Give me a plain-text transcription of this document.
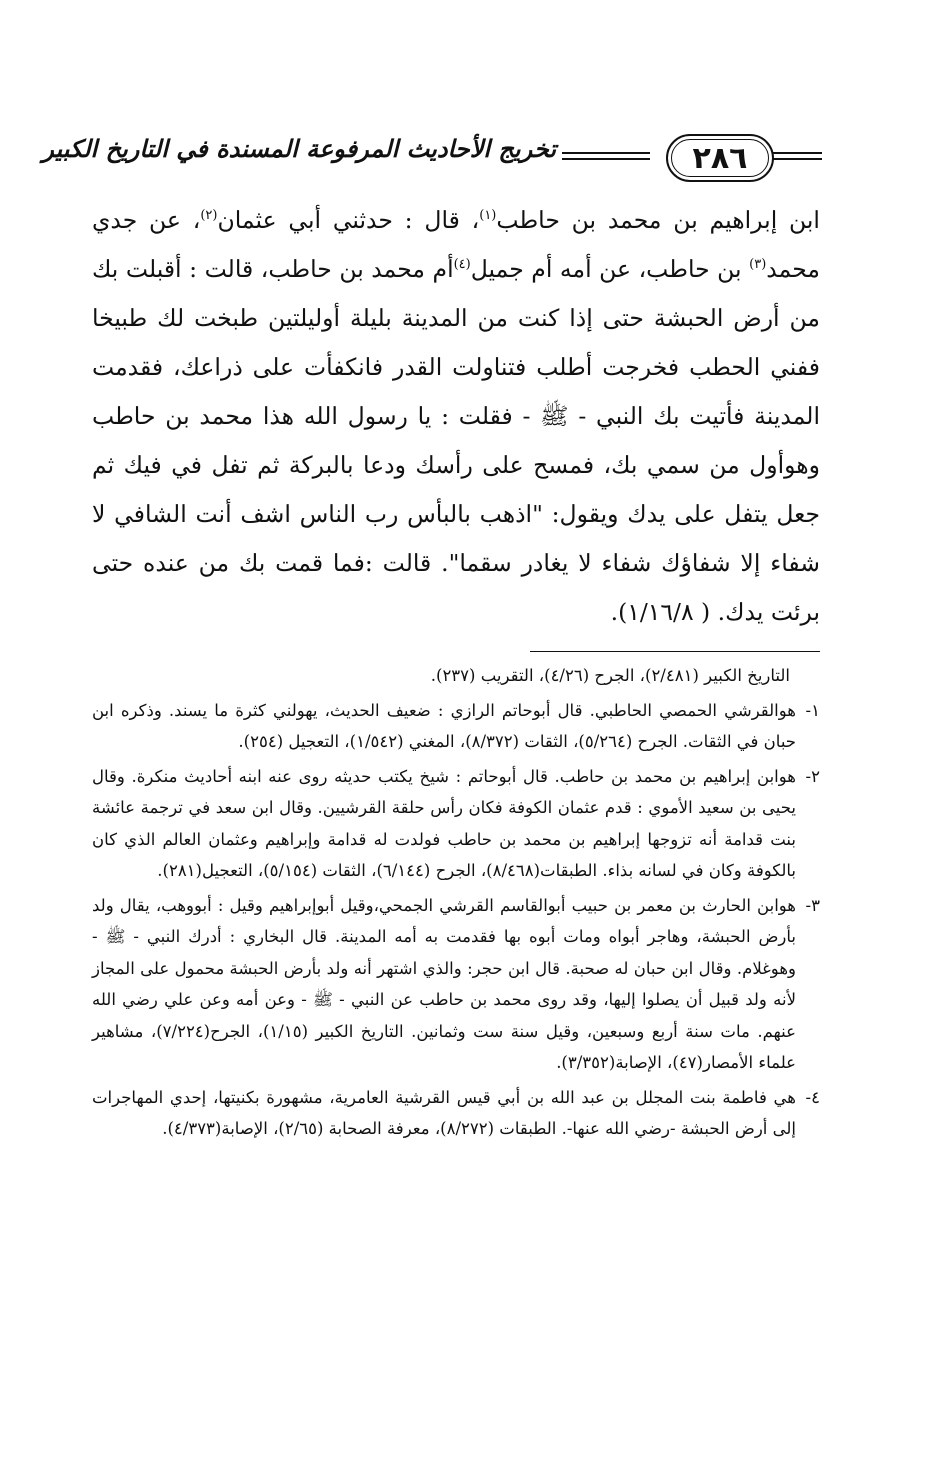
٢٨٦
تخريج الأحاديث المرفوعة المسندة في التاريخ الكبير

ابن إبراهيم بن محمد بن حاطب$^{(١)}$، قال : حدثني أبي عثمان$^{(٢)}$، عن جدي محمد$^{(٣)}$ بن حاطب، عن أمه أم جميل$^{(٤)}$أم محمد بن حاطب، قالت : أقبلت بك من أرض الحبشة حتى إذا كنت من المدينة بليلة أوليلتين طبخت لك طبيخا ففني الحطب فخرجت أطلب فتناولت القدر فانكفأت على ذراعك، فقدمت المدينة فأتيت بك النبي - ﷺ - فقلت : يا رسول الله هذا محمد بن حاطب وهوأول من سمي بك، فمسح على رأسك ودعا بالبركة ثم تفل في فيك ثم جعل يتفل على يدك ويقول: "اذهب بالبأس رب الناس اشف أنت الشافي لا شفاء إلا شفاؤك شفاء لا يغادر سقما". قالت :فما قمت بك من عنده حتى برئت يدك. ( ١/١٦/٨).

التاريخ الكبير (٢/٤٨١)، الجرح (٤/٢٦)، التقريب (٢٣٧).

١-
هوالقرشي الحمصي الحاطبي. قال أبوحاتم الرازي : ضعيف الحديث، يهولني كثرة ما يسند. وذكره ابن حبان في الثقات. الجرح (٥/٢٦٤)، الثقات (٨/٣٧٢)، المغني (١/٥٤٢)، التعجيل (٢٥٤).
٢-
هوابن إبراهيم بن محمد بن حاطب. قال أبوحاتم : شيخ يكتب حديثه روى عنه ابنه أحاديث منكرة. وقال يحيى بن سعيد الأموي : قدم عثمان الكوفة فكان رأس حلقة القرشيين. وقال ابن سعد في ترجمة عائشة بنت قدامة أنه تزوجها إبراهيم بن محمد بن حاطب فولدت له قدامة وإبراهيم وعثمان العالم الذي كان بالكوفة وكان في لسانه بذاء. الطبقات(٨/٤٦٨)، الجرح (٦/١٤٤)، الثقات (٥/١٥٤)، التعجيل(٢٨١).
٣-
هوابن الحارث بن معمر بن حبيب أبوالقاسم القرشي الجمحي،وقيل أبوإبراهيم وقيل : أبووهب، يقال ولد بأرض الحبشة، وهاجر أبواه ومات أبوه بها فقدمت به أمه المدينة. قال البخاري : أدرك النبي - ﷺ - وهوغلام. وقال ابن حبان له صحبة. قال ابن حجر: والذي اشتهر أنه ولد بأرض الحبشة محمول على المجاز لأنه ولد قبيل أن يصلوا إليها، وقد روى محمد بن حاطب عن النبي - ﷺ - وعن أمه وعن علي رضي الله عنهم. مات سنة أربع وسبعين، وقيل سنة ست وثمانين. التاريخ الكبير (١/١٥)، الجرح(٧/٢٢٤)، مشاهير علماء الأمصار(٤٧)، الإصابة(٣/٣٥٢).
٤-
هي فاطمة بنت المجلل بن عبد الله بن أبي قيس القرشية العامرية، مشهورة بكنيتها، إحدي المهاجرات إلى أرض الحبشة -رضي الله عنها-. الطبقات (٨/٢٧٢)، معرفة الصحابة (٢/٦٥)، الإصابة(٤/٣٧٣).
